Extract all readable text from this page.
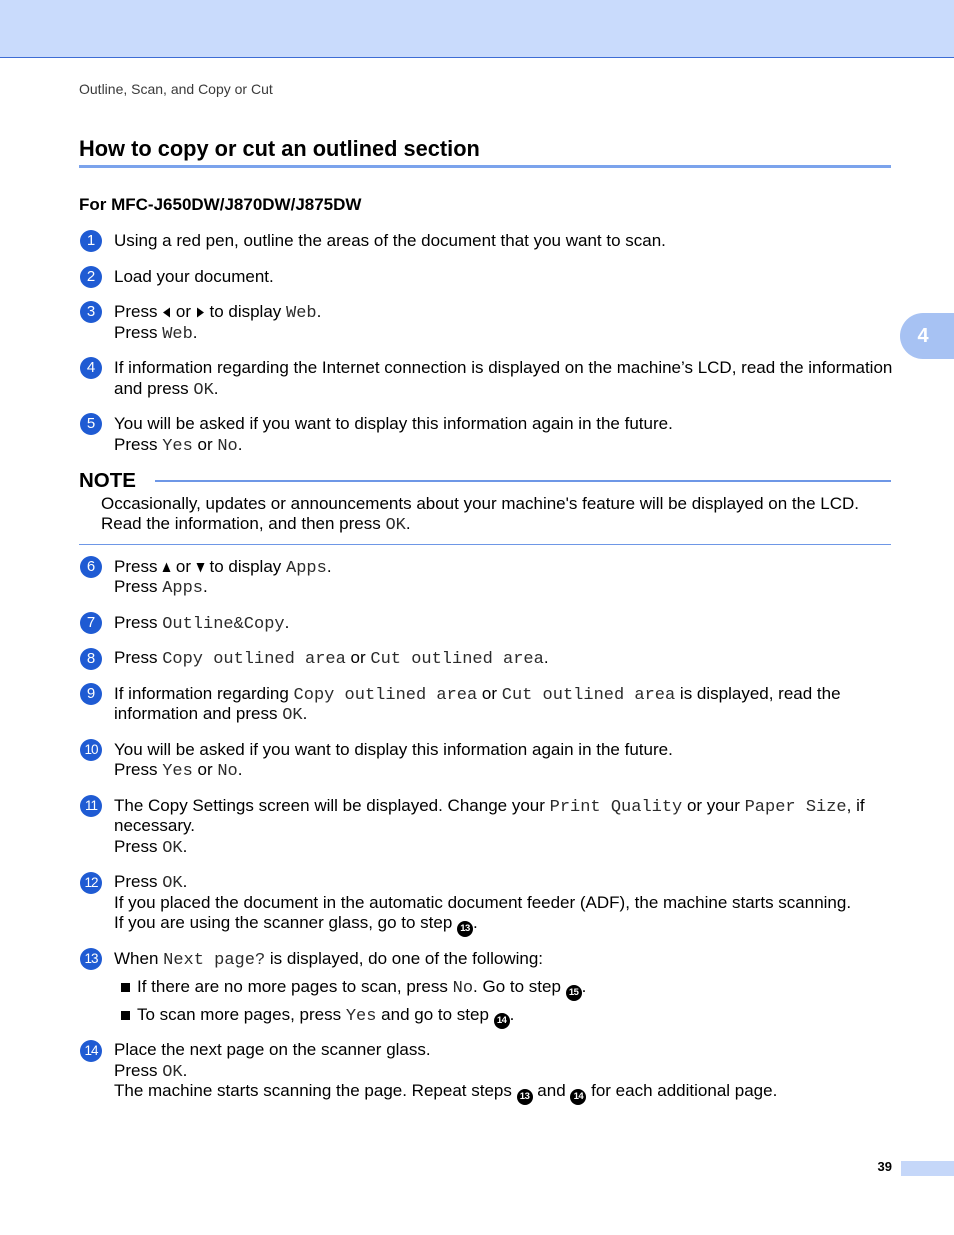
Outline, Scan, and Copy or Cut
4
How to copy or cut an outlined section
For MFC-J650DW/J870DW/J875DW
1	Using a red pen, outline the areas of the document that you want to scan.
2	Load your document.
3	Press  or  to display Web.
Press Web.
4	If information regarding the Internet connection is displayed on the machine’s LCD, read the information
and press OK.
5	You will be asked if you want to display this information again in the future.
Press Yes or No.
NOTE
Occasionally, updates or announcements about your machine's feature will be displayed on the LCD.
Read the information, and then press OK.
6	Press  or  to display Apps.
Press Apps.
7	Press Outline&Copy.
8	Press Copy outlined area or Cut outlined area.
9	If information regarding Copy outlined area or Cut outlined area is displayed, read the
information and press OK.
10 You will be asked if you want to display this information again in the future.
Press Yes or No.
11 The Copy Settings screen will be displayed. Change your Print Quality or your Paper Size, if
necessary.
Press OK.
12 Press OK.
If you placed the document in the automatic document feeder (ADF), the machine starts scanning.
If you are using the scanner glass, go to step 13 .
13 When Next page? is displayed, do one of the following:
If there are no more pages to scan, press No. Go to step 15 .
To scan more pages, press Yes and go to step 14 .
14 Place the next page on the scanner glass.
Press OK.
The machine starts scanning the page. Repeat steps 13 and 14 for each additional page.
39
